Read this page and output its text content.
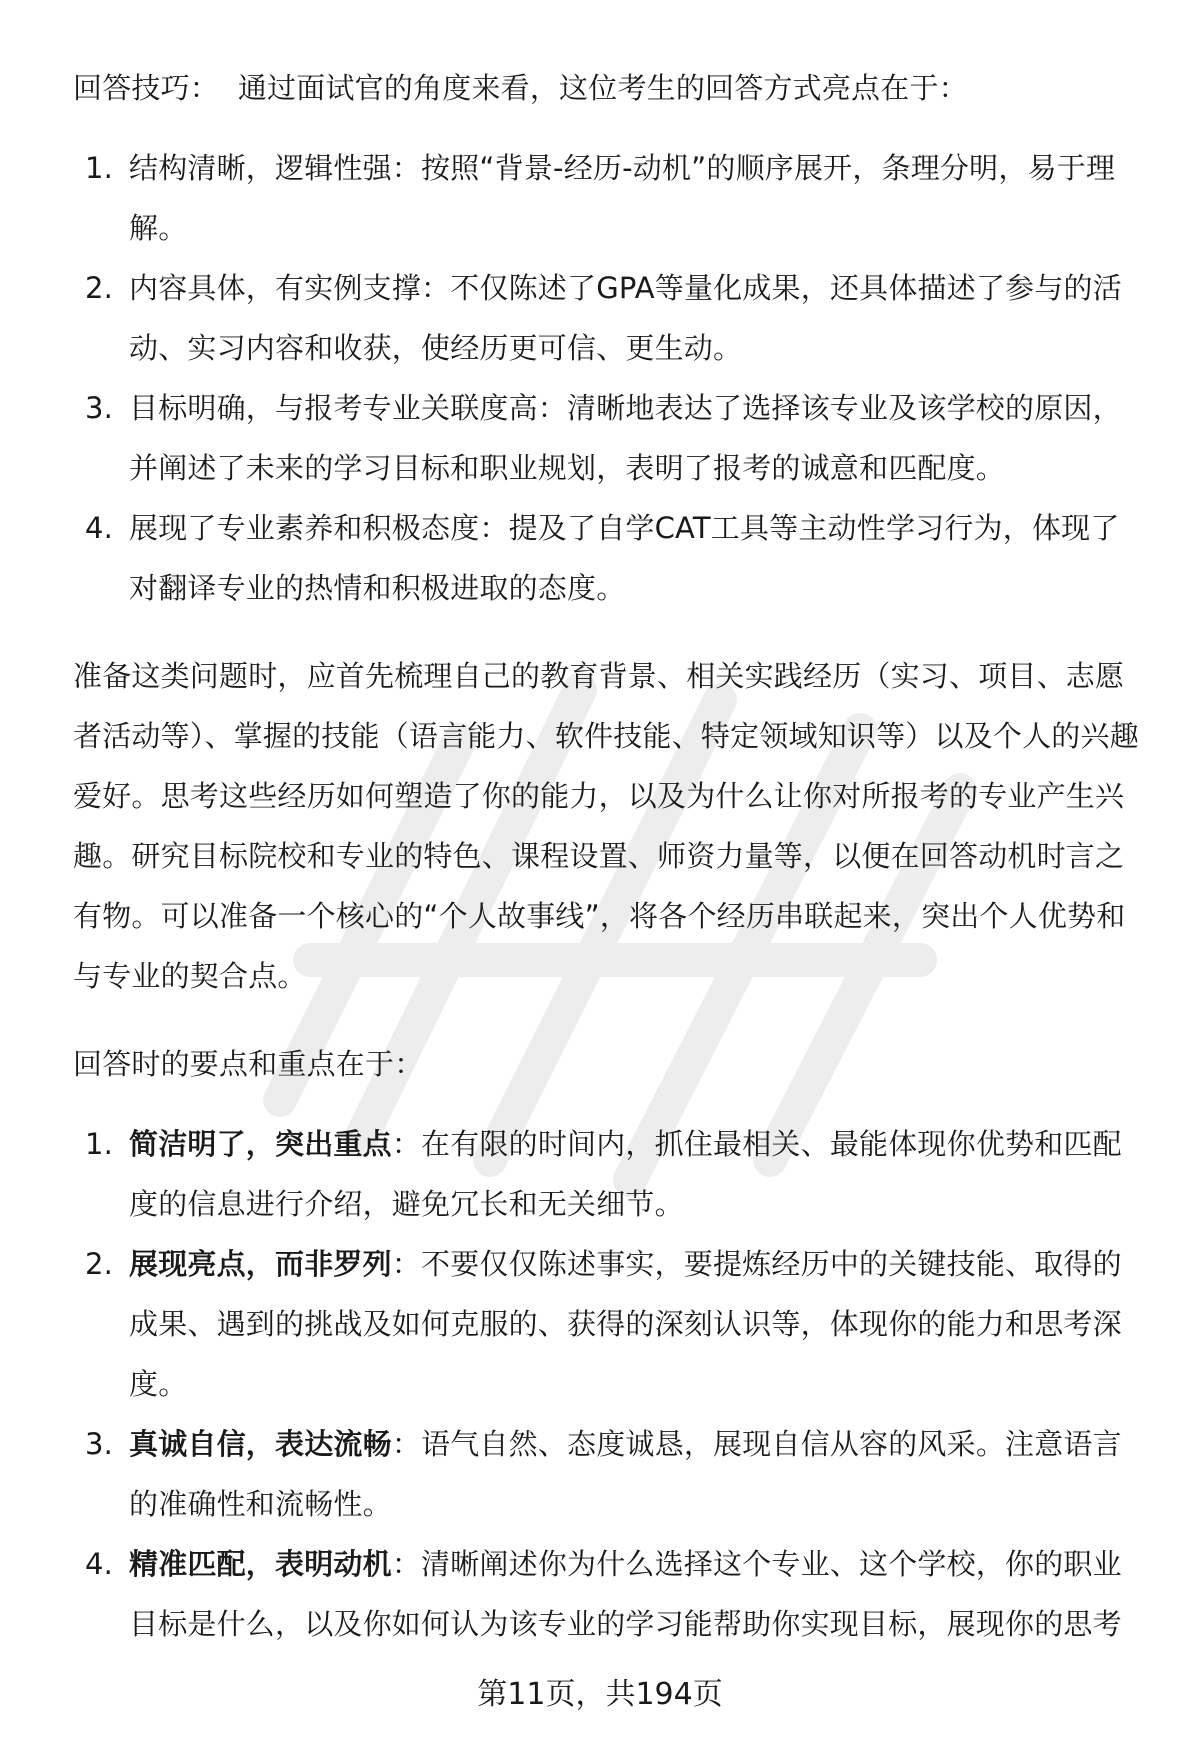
回答技巧： 通过面试官的角度来看，这位考生的回答方式亮点在于：

1. 结构清晰，逻辑性强：按照“背景-经历-动机”的顺序展开，条理分明，易于理解。
2. 内容具体，有实例支撑：不仅陈述了GPA等量化成果，还具体描述了参与的活动、实习内容和收获，使经历更可信、更生动。
3. 目标明确，与报考专业关联度高：清晰地表达了选择该专业及该学校的原因，并阐述了未来的学习目标和职业规划，表明了报考的诚意和匹配度。
4. 展现了专业素养和积极态度：提及了自学CAT工具等主动性学习行为，体现了对翻译专业的热情和积极进取的态度。

准备这类问题时，应首先梳理自己的教育背景、相关实践经历（实习、项目、志愿者活动等）、掌握的技能（语言能力、软件技能、特定领域知识等）以及个人的兴趣爱好。思考这些经历如何塑造了你的能力，以及为什么让你对所报考的专业产生兴趣。研究目标院校和专业的特色、课程设置、师资力量等，以便在回答动机时言之有物。可以准备一个核心的“个人故事线”，将各个经历串联起来，突出个人优势和与专业的契合点。

回答时的要点和重点在于：

1. 简洁明了，突出重点：在有限的时间内，抓住最相关、最能体现你优势和匹配度的信息进行介绍，避免冗长和无关细节。
2. 展现亮点，而非罗列：不要仅仅陈述事实，要提炼经历中的关键技能、取得的成果、遇到的挑战及如何克服的、获得的深刻认识等，体现你的能力和思考深度。
3. 真诚自信，表达流畅：语气自然、态度诚恳，展现自信从容的风采。注意语言的准确性和流畅性。
4. 精准匹配，表明动机：清晰阐述你为什么选择这个专业、这个学校，你的职业目标是什么，以及你如何认为该专业的学习能帮助你实现目标，展现你的思考
第11页，共194页
